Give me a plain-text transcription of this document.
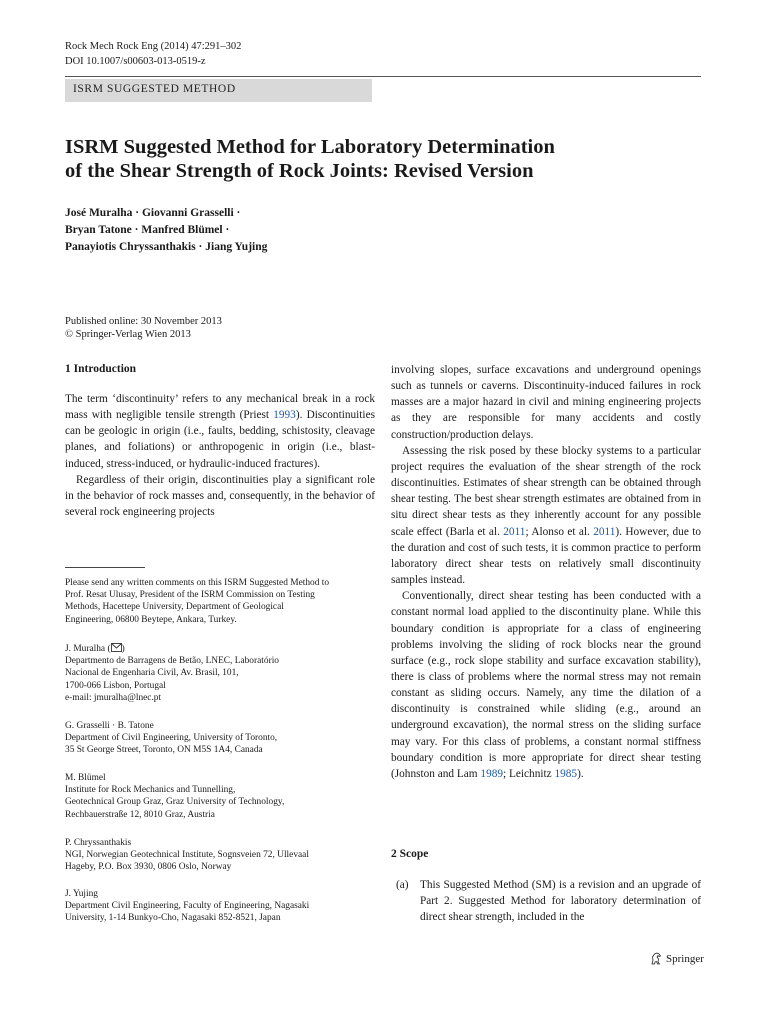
Rock Mech Rock Eng (2014) 47:291–302
DOI 10.1007/s00603-013-0519-z
ISRM SUGGESTED METHOD
ISRM Suggested Method for Laboratory Determination
of the Shear Strength of Rock Joints: Revised Version
José Muralha · Giovanni Grasselli ·
Bryan Tatone · Manfred Blümel ·
Panayiotis Chryssanthakis · Jiang Yujing
Published online: 30 November 2013
© Springer-Verlag Wien 2013
1 Introduction

The term ‘discontinuity’ refers to any mechanical break in a rock mass with negligible tensile strength (Priest 1993). Discontinuities can be geologic in origin (i.e., faults, bedding, schistosity, cleavage planes, and foliations) or anthropogenic in origin (i.e., blast-induced, stress-induced, or hydraulic-induced fractures).

Regardless of their origin, discontinuities play a significant role in the behavior of rock masses and, consequently, in the behavior of several rock engineering projects

Please send any written comments on this ISRM Suggested Method to
Prof. Resat Ulusay, President of the ISRM Commission on Testing
Methods, Hacettepe University, Department of Geological
Engineering, 06800 Beytepe, Ankara, Turkey.
J. Muralha ( )
Departmento de Barragens de Betão, LNEC, Laboratório
Nacional de Engenharia Civil, Av. Brasil, 101,
1700-066 Lisbon, Portugal
e-mail: jmuralha@lnec.pt
G. Grasselli · B. Tatone
Department of Civil Engineering, University of Toronto,
35 St George Street, Toronto, ON M5S 1A4, Canada
M. Blümel
Institute for Rock Mechanics and Tunnelling,
Geotechnical Group Graz, Graz University of Technology,
Rechbauerstraße 12, 8010 Graz, Austria
P. Chryssanthakis
NGI, Norwegian Geotechnical Institute, Sognsveien 72, Ullevaal
Hageby, P.O. Box 3930, 0806 Oslo, Norway
J. Yujing
Department Civil Engineering, Faculty of Engineering, Nagasaki
University, 1-14 Bunkyo-Cho, Nagasaki 852-8521, Japan

involving slopes, surface excavations and underground openings such as tunnels or caverns. Discontinuity-induced failures in rock masses are a major hazard in civil and mining engineering projects as they are responsible for many accidents and costly construction/production delays.

Assessing the risk posed by these blocky systems to a particular project requires the evaluation of the shear strength of the rock discontinuities. Estimates of shear strength can be obtained through shear testing. The best shear strength estimates are obtained from in situ direct shear tests as they inherently account for any possible scale effect (Barla et al. 2011; Alonso et al. 2011). However, due to the duration and cost of such tests, it is common practice to perform laboratory direct shear tests on relatively small discontinuity samples instead.

Conventionally, direct shear testing has been conducted with a constant normal load applied to the discontinuity plane. While this boundary condition is appropriate for a class of engineering problems involving the sliding of rock blocks near the ground surface (e.g., rock slope stability and surface excavation stability), there is class of problems where the normal stress may not remain constant as sliding occurs. Namely, any time the dilation of a discontinuity is constrained while sliding (e.g., around an underground excavation), the normal stress on the sliding surface may vary. For this class of problems, a constant normal stiffness boundary condition is more appropriate for direct shear testing (Johnston and Lam 1989; Leichnitz 1985).

2 Scope
(a) This Suggested Method (SM) is a revision and an upgrade of Part 2. Suggested Method for laboratory determination of direct shear strength, included in the
Springer
